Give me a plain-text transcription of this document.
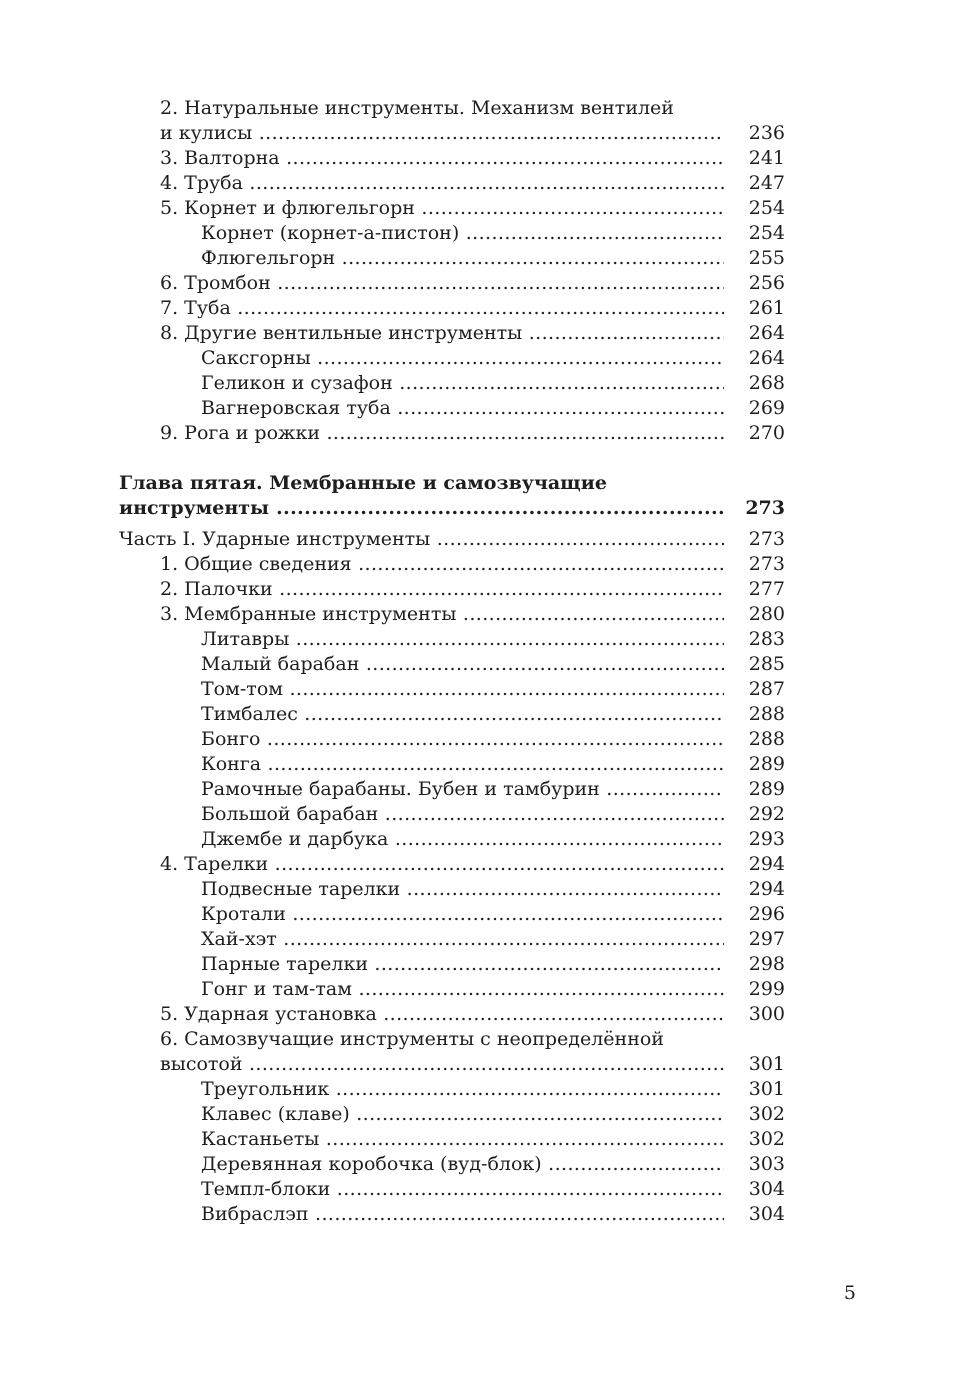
2. Натуральные инструменты. Механизм вентилей
и кулисы .....	236
3. Валторна .....	241
4. Труба .....	247
5. Корнет и флюгельгорн .....	254
Корнет (корнет-а-пистон) .....	254
Флюгельгорн .....	255
6. Тромбон .....	256
7. Туба .....	261
8. Другие вентильные инструменты .....	264
Саксгорны .....	264
Геликон и сузафон .....	268
Вагнеровская туба .....	269
9. Рога и рожки .....	270
Глава пятая. Мембранные и самозвучащие
инструменты .....	273
Часть I. Ударные инструменты .....	273
1. Общие сведения .....	273
2. Палочки .....	277
3. Мембранные инструменты .....	280
Литавры .....	283
Малый барабан .....	285
Том-том .....	287
Тимбалес .....	288
Бонго .....	288
Конга .....	289
Рамочные барабаны. Бубен и тамбурин .....	289
Большой барабан .....	292
Джембе и дарбука .....	293
4. Тарелки .....	294
Подвесные тарелки .....	294
Кротали .....	296
Хай-хэт .....	297
Парные тарелки .....	298
Гонг и там-там .....	299
5. Ударная установка .....	300
6. Самозвучащие инструменты с неопределённой
высотой .....	301
Треугольник .....	301
Клавес (клаве) .....	302
Кастаньеты .....	302
Деревянная коробочка (вуд-блок) .....	303
Темпл-блоки .....	304
Вибраслэп .....	304
5
